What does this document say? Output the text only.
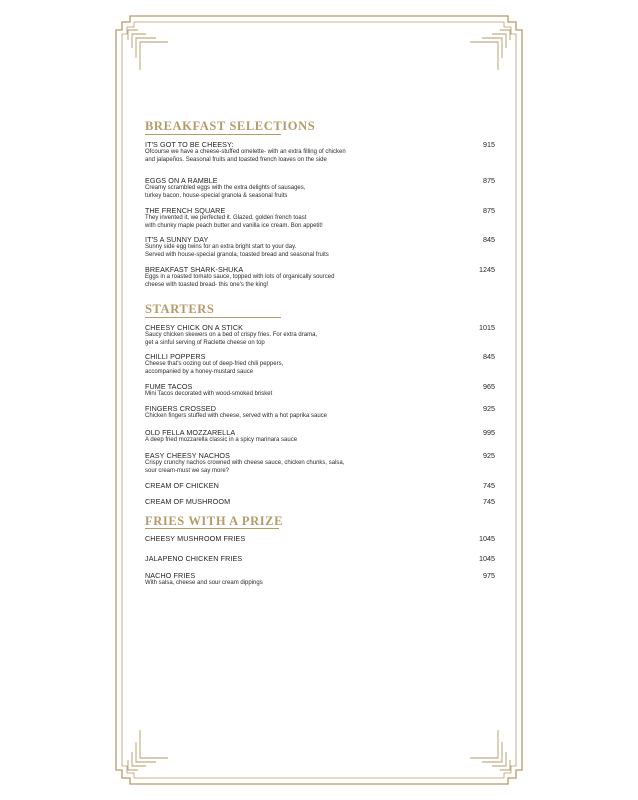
BREAKFAST SELECTIONS
IT'S GOT TO BE CHEESY:
Ofcourse we have a cheese-stuffed omelette- with an extra filling of chicken
and jalapeños. Seasonal fruits and toasted french loaves on the side
915
EGGS ON A RAMBLE
Creamy scrambled eggs with the extra delights of sausages,
turkey bacon, house-special granola & seasonal fruits
875
THE FRENCH SQUARE
They invented it, we perfected it. Glazed, golden french toast
with chunky maple peach butter and vanilla ice cream. Bon appetit!
875
IT'S A SUNNY DAY
Sunny side egg twins for an extra bright start to your day.
Served with house-special granola, toasted bread and seasonal fruits
845
BREAKFAST SHARK-SHUKA
Eggs in a roasted tomato sauce, topped with lots of organically sourced
cheese with toasted bread- this one's the king!
1245
STARTERS
CHEESY CHICK ON A STICK
Saucy chicken skewers on a bed of crispy fries. For extra drama,
get a sinful serving of Raclette cheese on top
1015
CHILLI POPPERS
Cheese that's oozing out of deep-fried chili peppers,
accompanied by a honey-mustard sauce
845
FUME TACOS
Mini Tacos decorated with wood-smoked brisket
965
FINGERS CROSSED
Chicken fingers stuffed with cheese, served with a hot paprika sauce
925
OLD FELLA MOZZARELLA
A deep fried mozzarella classic in a spicy marinara sauce
995
EASY CHEESY NACHOS
Crispy crunchy nachos crowned with cheese sauce, chicken chunks, salsa,
sour cream-must we say more?
925
CREAM OF CHICKEN	745
CREAM OF MUSHROOM	745
FRIES WITH A PRIZE
CHEESY MUSHROOM FRIES	1045
JALAPENO CHICKEN FRIES	1045
NACHO FRIES
With salsa, cheese and sour cream dippings
975
